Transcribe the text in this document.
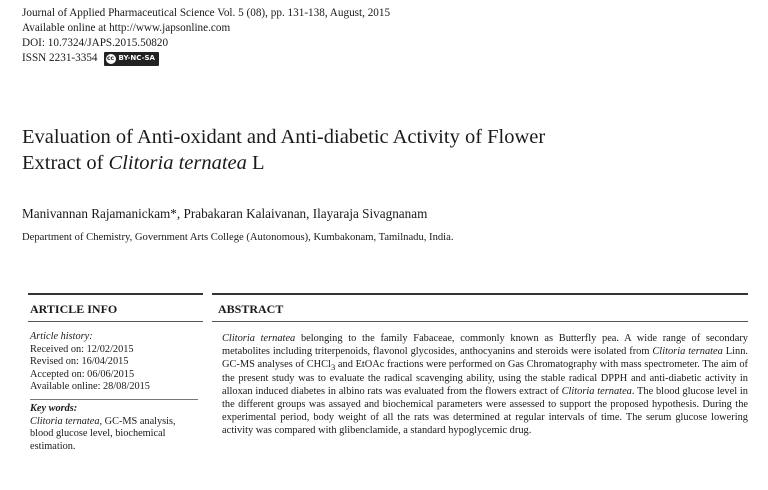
Journal of Applied Pharmaceutical Science Vol. 5 (08), pp. 131-138, August, 2015
Available online at http://www.japsonline.com
DOI: 10.7324/JAPS.2015.50820
ISSN 2231-3354 cc BY-NC-SA
Evaluation of Anti-oxidant and Anti-diabetic Activity of Flower
Extract of Clitoria ternatea L
Manivannan Rajamanickam*, Prabakaran Kalaivanan, Ilayaraja Sivagnanam
Department of Chemistry, Government Arts College (Autonomous), Kumbakonam, Tamilnadu, India.
ARTICLE INFO	ABSTRACT
Article history:
Received on: 12/02/2015
Revised on: 16/04/2015
Accepted on: 06/06/2015
Available online: 28/08/2015
Key words:
Clitoria ternatea, GC-MS analysis, blood glucose level, biochemical estimation.

Clitoria ternatea belonging to the family Fabaceae, commonly known as Butterfly pea. A wide range of secondary metabolites including triterpenoids, flavonol glycosides, anthocyanins and steroids were isolated from Clitoria ternatea Linn. GC-MS analyses of CHCl$_3$ and EtOAc fractions were performed on Gas Chromatography with mass spectrometer. The aim of the present study was to evaluate the radical scavenging ability, using the stable radical DPPH and anti-diabetic activity in alloxan induced diabetes in albino rats was evaluated from the flowers extract of Clitoria ternatea. The blood glucose level in the different groups was assayed and biochemical parameters were assessed to support the proposed hypothesis. During the experimental period, body weight of all the rats was determined at regular intervals of time. The serum glucose lowering activity was compared with glibenclamide, a standard hypoglycemic drug.
